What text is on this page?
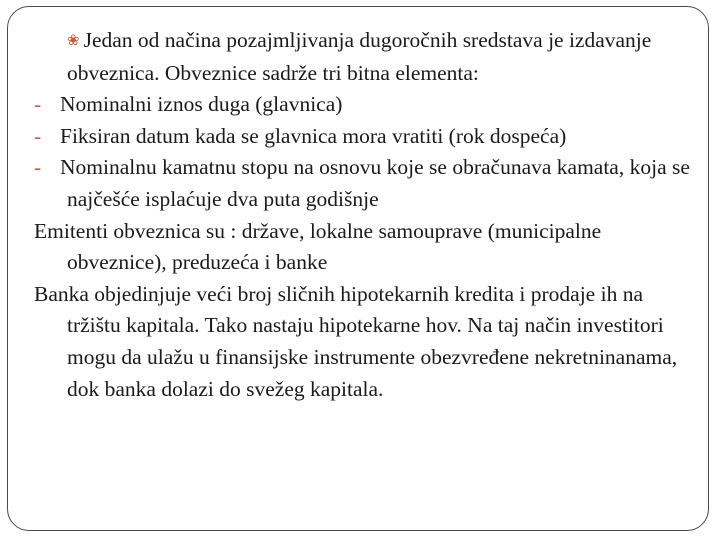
❀ Jedan od načina pozajmljivanja dugoročnih sredstava je izdavanje obveznica. Obveznice sadrže tri bitna elementa:

- Nominalni iznos duga (glavnica)

- Fiksiran datum kada se glavnica mora vratiti (rok dospeća)

- Nominalnu kamatnu stopu na osnovu koje se obračunava kamata, koja se najčešće isplaćuje dva puta godišnje

Emitenti obveznica su : države, lokalne samouprave (municipalne obveznice), preduzeća i banke

Banka objedinjuje veći broj sličnih hipotekarnih kredita i prodaje ih na tržištu kapitala. Tako nastaju hipotekarne hov. Na taj način investitori mogu da ulažu u finansijske instrumente obezvređene nekretninanama, dok banka dolazi do svežeg kapitala.
